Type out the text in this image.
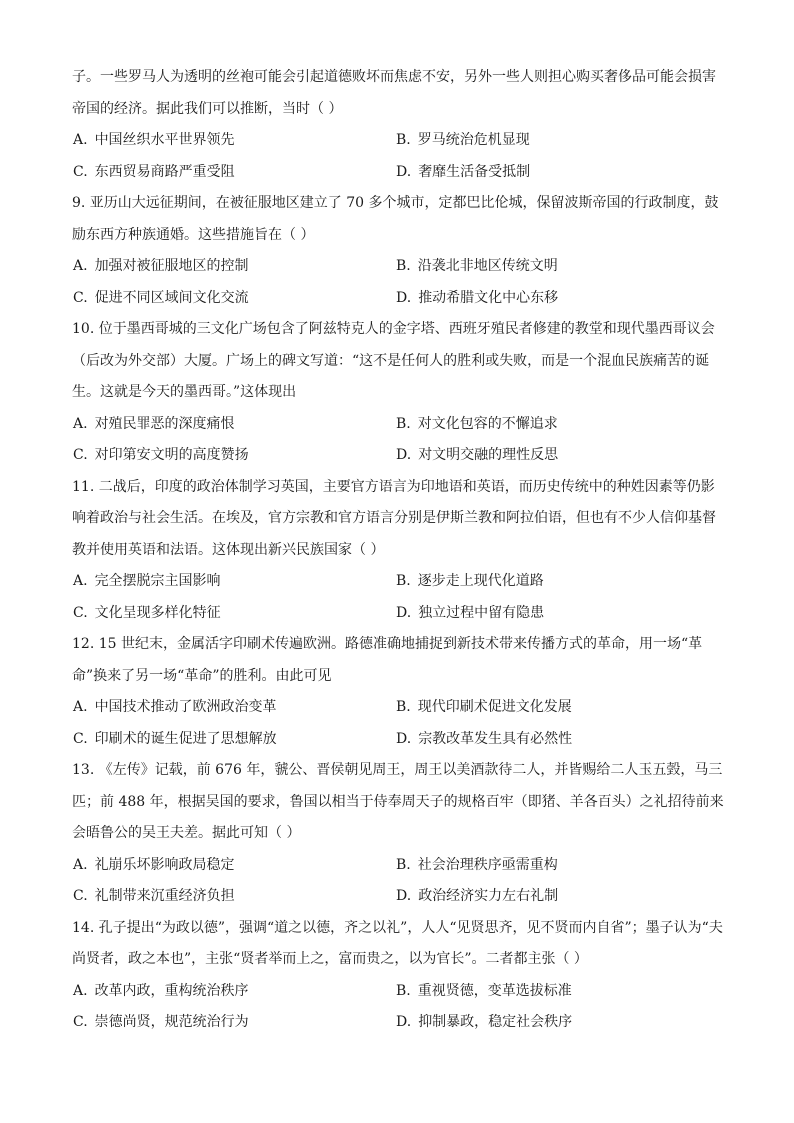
子。一些罗马人为透明的丝袍可能会引起道德败坏而焦虑不安，另外一些人则担心购买奢侈品可能会损害
帝国的经济。据此我们可以推断，当时（ ）
A. 中国丝织水平世界领先	B. 罗马统治危机显现
C. 东西贸易商路严重受阻	D. 奢靡生活备受抵制
9. 亚历山大远征期间，在被征服地区建立了 70 多个城市，定都巴比伦城，保留波斯帝国的行政制度，鼓
励东西方种族通婚。这些措施旨在（ ）
A. 加强对被征服地区的控制	B. 沿袭北非地区传统文明
C. 促进不同区域间文化交流	D. 推动希腊文化中心东移
10. 位于墨西哥城的三文化广场包含了阿兹特克人的金字塔、西班牙殖民者修建的教堂和现代墨西哥议会
（后改为外交部）大厦。广场上的碑文写道：“这不是任何人的胜利或失败，而是一个混血民族痛苦的诞
生。这就是今天的墨西哥。”这体现出
A. 对殖民罪恶的深度痛恨	B. 对文化包容的不懈追求
C. 对印第安文明的高度赞扬	D. 对文明交融的理性反思
11. 二战后，印度的政治体制学习英国，主要官方语言为印地语和英语，而历史传统中的种姓因素等仍影
响着政治与社会生活。在埃及，官方宗教和官方语言分别是伊斯兰教和阿拉伯语，但也有不少人信仰基督
教并使用英语和法语。这体现出新兴民族国家（ ）
A. 完全摆脱宗主国影响	B. 逐步走上现代化道路
C. 文化呈现多样化特征	D. 独立过程中留有隐患
12. 15 世纪末，金属活字印刷术传遍欧洲。路德准确地捕捉到新技术带来传播方式的革命，用一场“革
命”换来了另一场“革命”的胜利。由此可见
A. 中国技术推动了欧洲政治变革	B. 现代印刷术促进文化发展
C. 印刷术的诞生促进了思想解放	D. 宗教改革发生具有必然性
13. 《左传》记载，前 676 年，虢公、晋侯朝见周王，周王以美酒款待二人，并皆赐给二人玉五瑴，马三
匹；前 488 年，根据吴国的要求，鲁国以相当于侍奉周天子的规格百牢（即猪、羊各百头）之礼招待前来
会晤鲁公的吴王夫差。据此可知（ ）
A. 礼崩乐坏影响政局稳定	B. 社会治理秩序亟需重构
C. 礼制带来沉重经济负担	D. 政治经济实力左右礼制
14. 孔子提出“为政以德”，强调“道之以德，齐之以礼”，人人“见贤思齐，见不贤而内自省”；墨子认为“夫
尚贤者，政之本也”，主张“贤者举而上之，富而贵之，以为官长”。二者都主张（ ）
A. 改革内政，重构统治秩序	B. 重视贤德，变革选拔标准
C. 崇德尚贤，规范统治行为	D. 抑制暴政，稳定社会秩序
